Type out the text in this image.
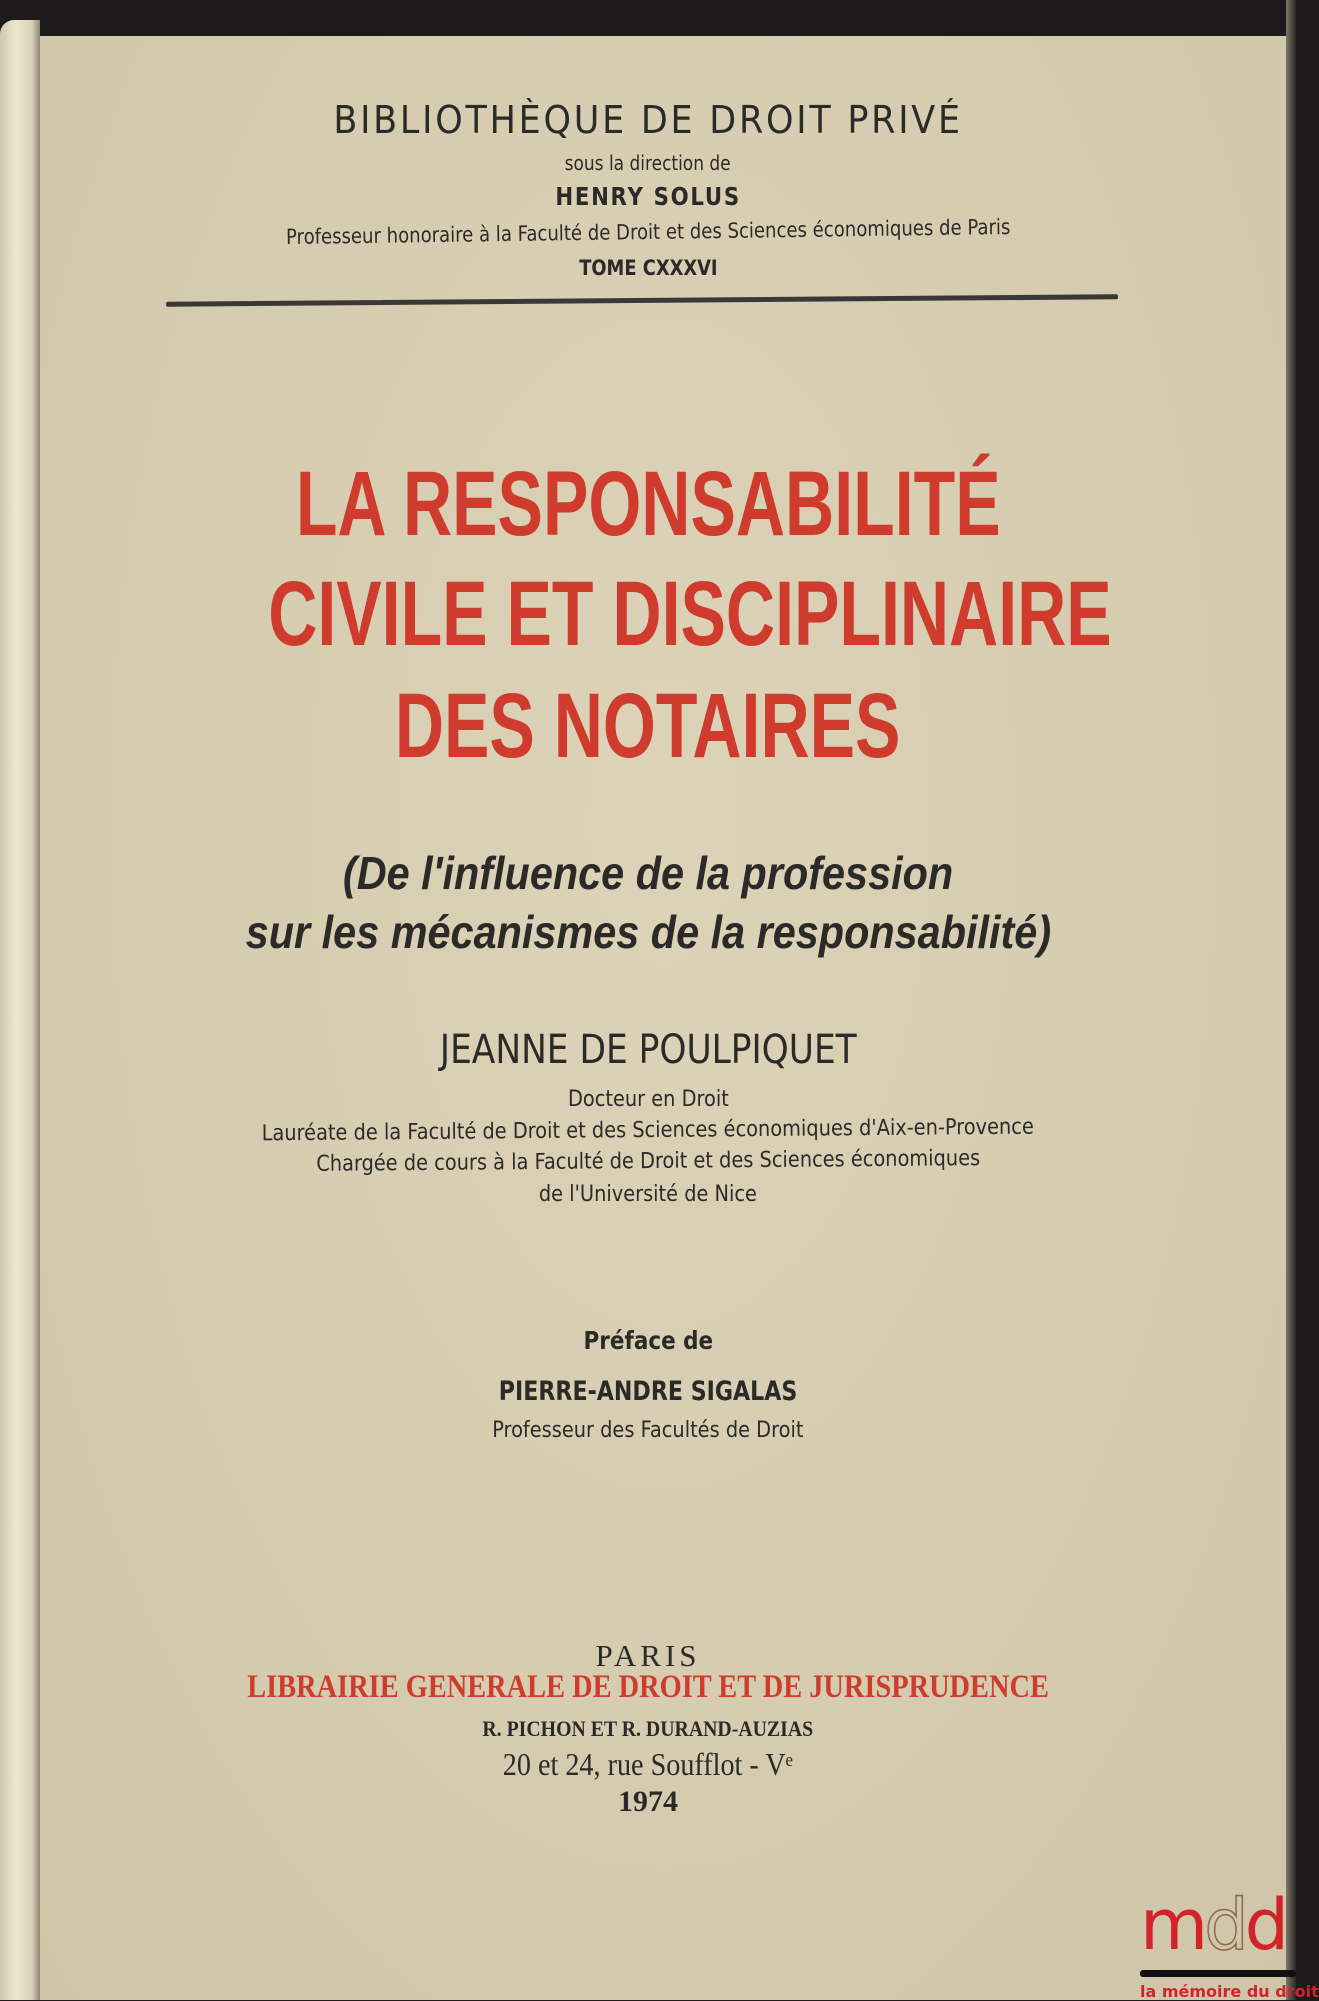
BIBLIOTHÈQUE DE DROIT PRIVÉ
sous la direction de
HENRY SOLUS
Professeur honoraire à la Faculté de Droit et des Sciences économiques de Paris
TOME CXXXVI
LA RESPONSABILITÉ
CIVILE ET DISCIPLINAIRE
DES NOTAIRES
(De l'influence de la profession
sur les mécanismes de la responsabilité)
JEANNE DE POULPIQUET
Docteur en Droit
Lauréate de la Faculté de Droit et des Sciences économiques d'Aix-en-Provence
Chargée de cours à la Faculté de Droit et des Sciences économiques
de l'Université de Nice
Préface de
PIERRE-ANDRE SIGALAS
Professeur des Facultés de Droit
PARIS
LIBRAIRIE GENERALE DE DROIT ET DE JURISPRUDENCE
R. PICHON ET R. DURAND-AUZIAS
20 et 24, rue Soufflot - Vᵉ
1974
mdd
la mémoire du droit
